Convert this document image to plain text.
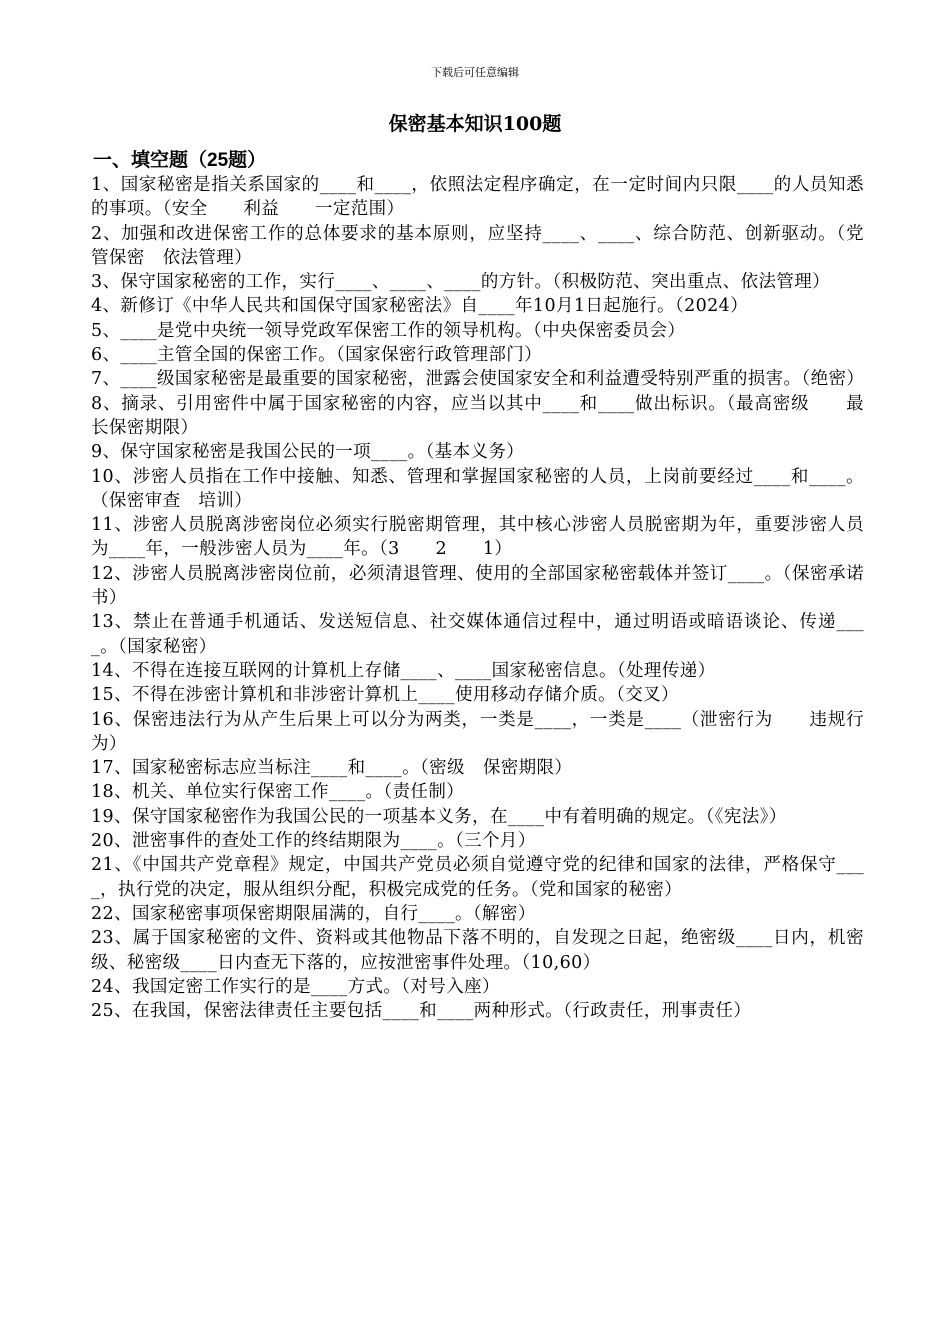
下载后可任意编辑
保密基本知识100题
一、填空题（25题）

1、国家秘密是指关系国家的____和____，依照法定程序确定，在一定时间内只限____的人员知悉的事项。（安全　　利益　　一定范围）

2、加强和改进保密工作的总体要求的基本原则，应坚持____、____、综合防范、创新驱动。（党管保密　依法管理）

3、保守国家秘密的工作，实行____、____、____的方针。（积极防范、突出重点、依法管理）

4、新修订《中华人民共和国保守国家秘密法》自____年10月1日起施行。（2024）

5、____是党中央统一领导党政军保密工作的领导机构。（中央保密委员会）

6、____主管全国的保密工作。（国家保密行政管理部门）

7、____级国家秘密是最重要的国家秘密，泄露会使国家安全和利益遭受特别严重的损害。（绝密）

8、摘录、引用密件中属于国家秘密的内容，应当以其中____和____做出标识。（最高密级　　最长保密期限）

9、保守国家秘密是我国公民的一项____。（基本义务）

10、涉密人员指在工作中接触、知悉、管理和掌握国家秘密的人员，上岗前要经过____和____。（保密审查　培训）

11、涉密人员脱离涉密岗位必须实行脱密期管理，其中核心涉密人员脱密期为年，重要涉密人员为____年，一般涉密人员为____年。（3　　2　　1）

12、涉密人员脱离涉密岗位前，必须清退管理、使用的全部国家秘密载体并签订____。（保密承诺书）

13、禁止在普通手机通话、发送短信息、社交媒体通信过程中，通过明语或暗语谈论、传递____。（国家秘密）

14、不得在连接互联网的计算机上存储____、____国家秘密信息。（处理传递）

15、不得在涉密计算机和非涉密计算机上____使用移动存储介质。（交叉）

16、保密违法行为从产生后果上可以分为两类，一类是____，一类是____（泄密行为　　违规行为）

17、国家秘密标志应当标注____和____。（密级　保密期限）

18、机关、单位实行保密工作____。（责任制）

19、保守国家秘密作为我国公民的一项基本义务，在____中有着明确的规定。（《宪法》）

20、泄密事件的查处工作的终结期限为____。（三个月）

21、《中国共产党章程》规定，中国共产党员必须自觉遵守党的纪律和国家的法律，严格保守____，执行党的决定，服从组织分配，积极完成党的任务。（党和国家的秘密）

22、国家秘密事项保密期限届满的，自行____。（解密）

23、属于国家秘密的文件、资料或其他物品下落不明的，自发现之日起，绝密级____日内，机密级、秘密级____日内查无下落的，应按泄密事件处理。（10,60）

24、我国定密工作实行的是____方式。（对号入座）

25、在我国，保密法律责任主要包括____和____两种形式。（行政责任，刑事责任）
